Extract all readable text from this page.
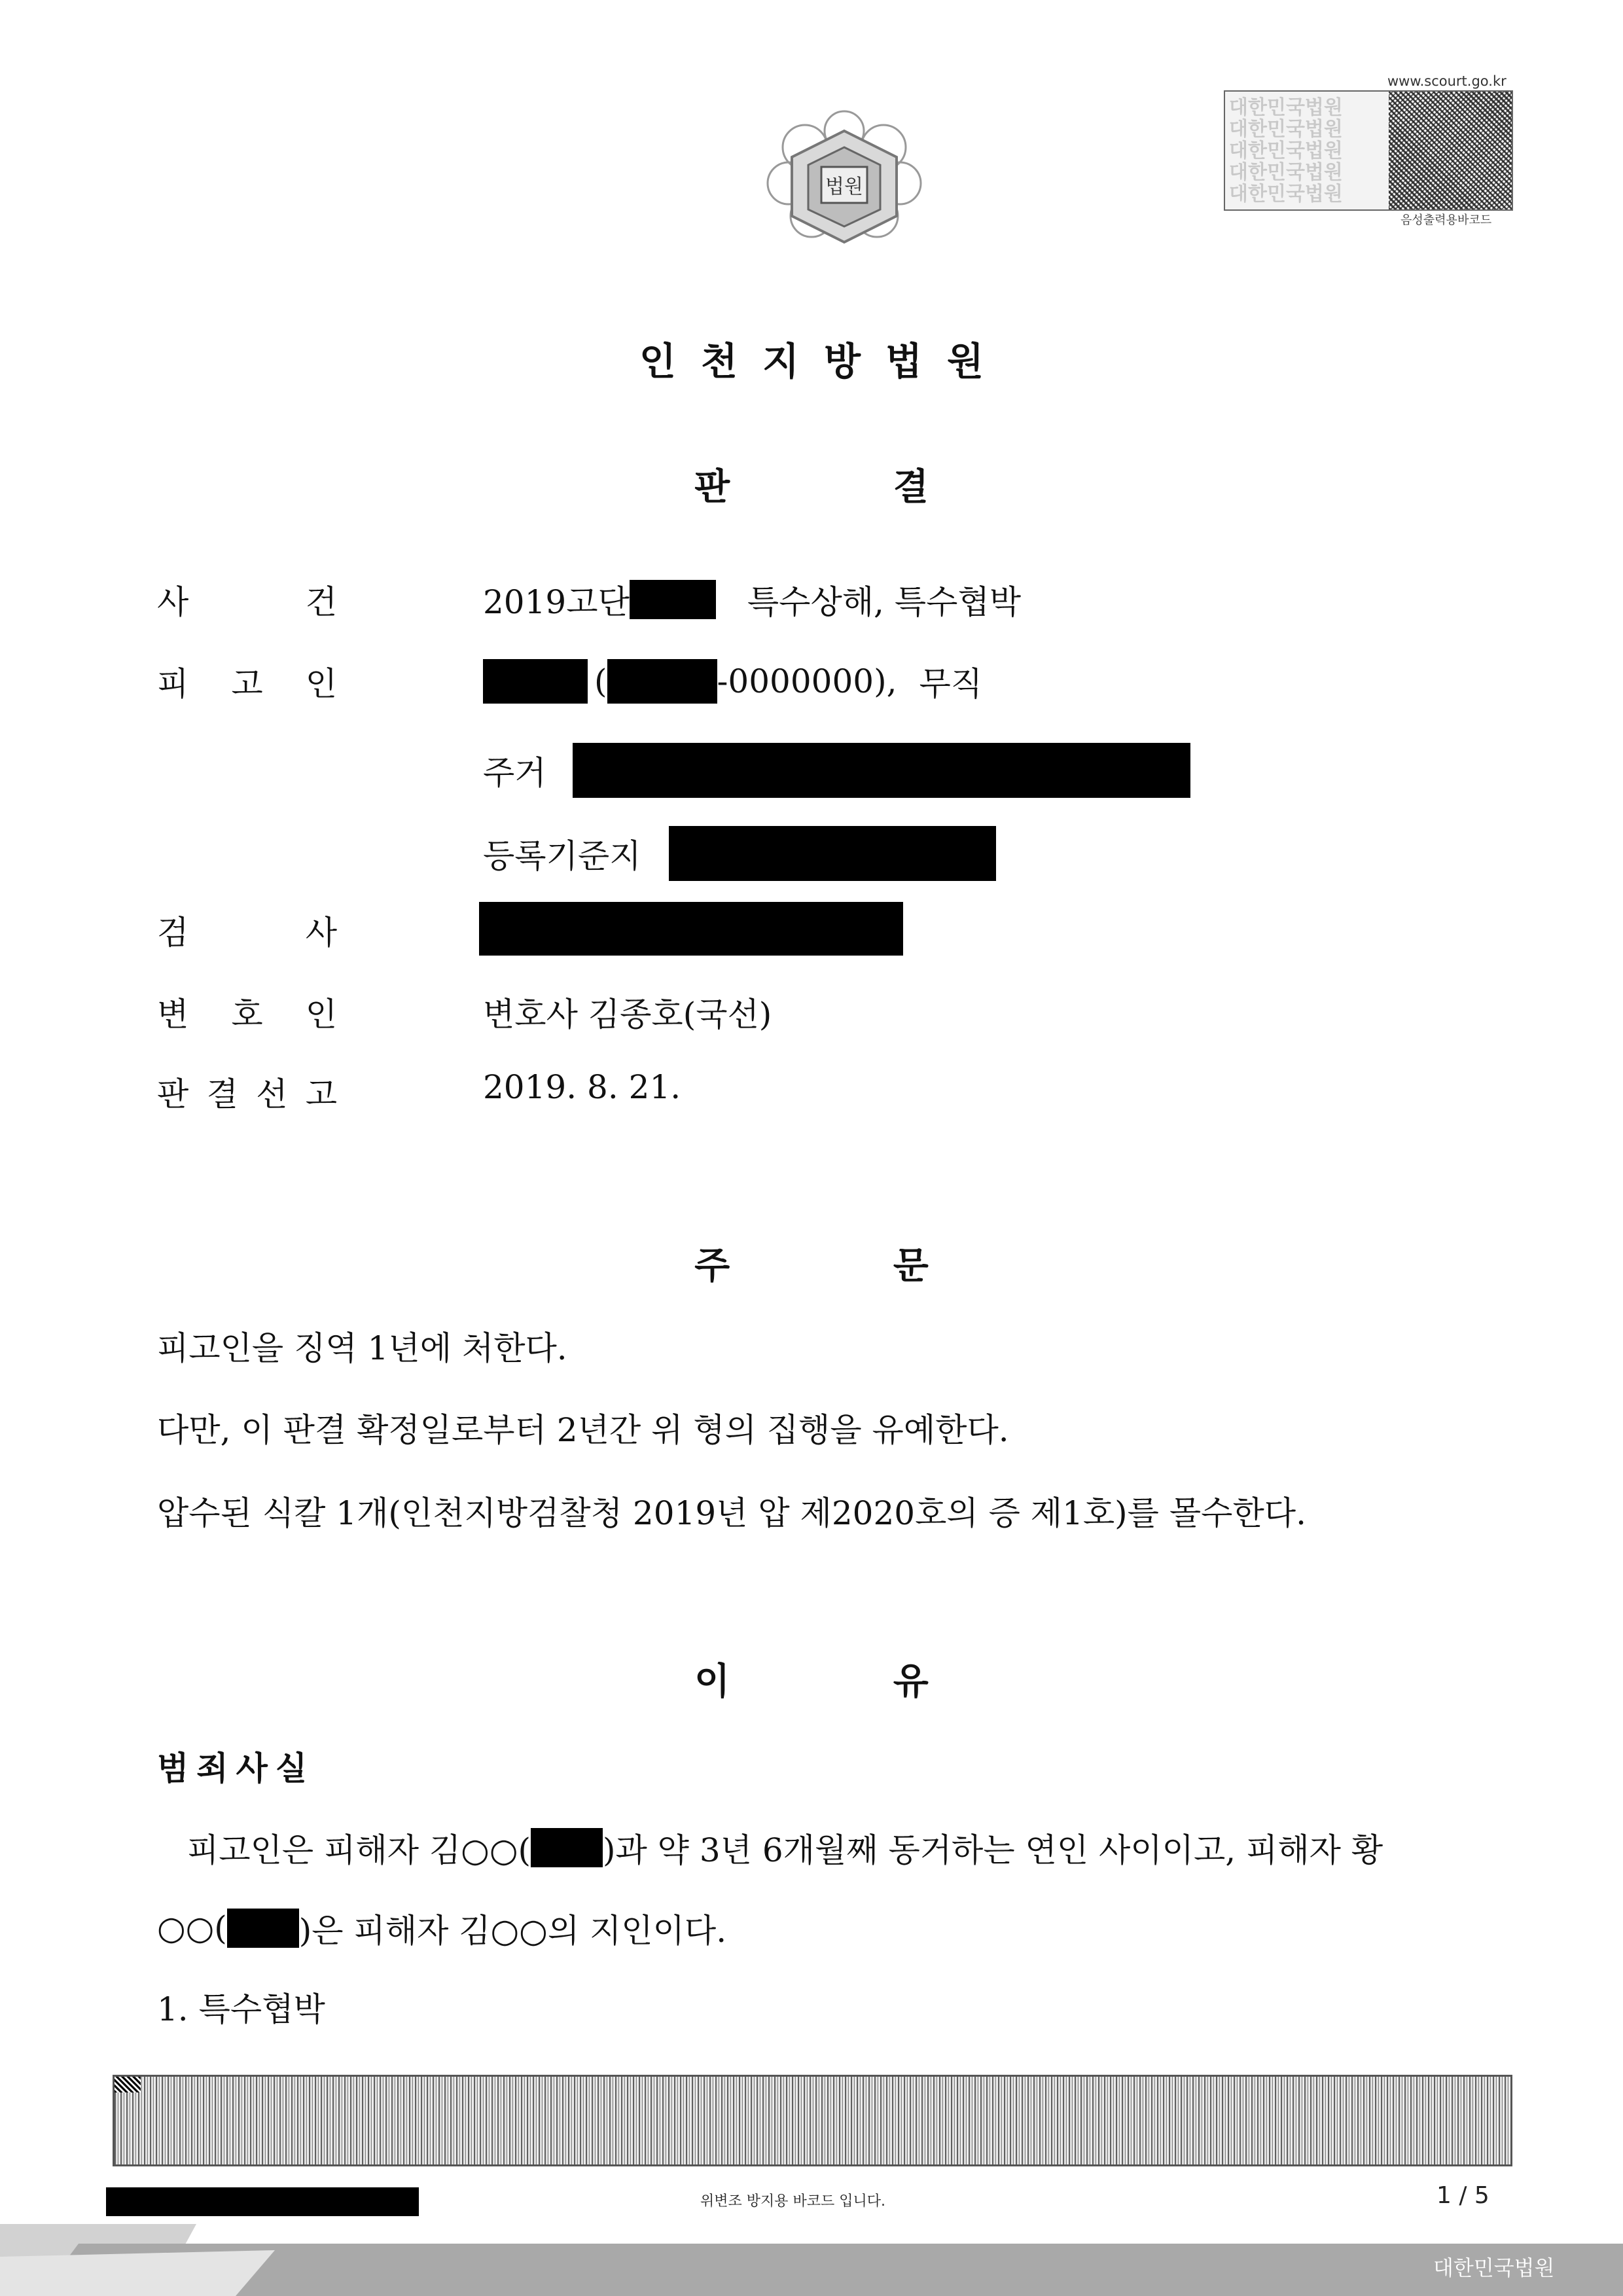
법원
www.scourt.go.kr
대한민국법원
대한민국법원
대한민국법원
대한민국법원
대한민국법원
음성출력용바코드
인천지방법원
판 결
사	건	2019고단	특수상해, 특수협박
피 고 인	(	-0000000), 무직
주거
등록기준지
검	사
변 호 인	변호사 김종호(국선)
판 결 선 고	2019. 8. 21.
주 문
피고인을 징역 1년에 처한다.
다만, 이 판결 확정일로부터 2년간 위 형의 집행을 유예한다.
압수된 식칼 1개(인천지방검찰청 2019년 압 제2020호의 증 제1호)를 몰수한다.
이 유
범죄사실
피고인은 피해자 김○○( )과 약 3년 6개월째 동거하는 연인 사이이고, 피해자 황
○○( )은 피해자 김○○의 지인이다.
1. 특수협박
위변조 방지용 바코드 입니다.	1 / 5
대한민국법원
